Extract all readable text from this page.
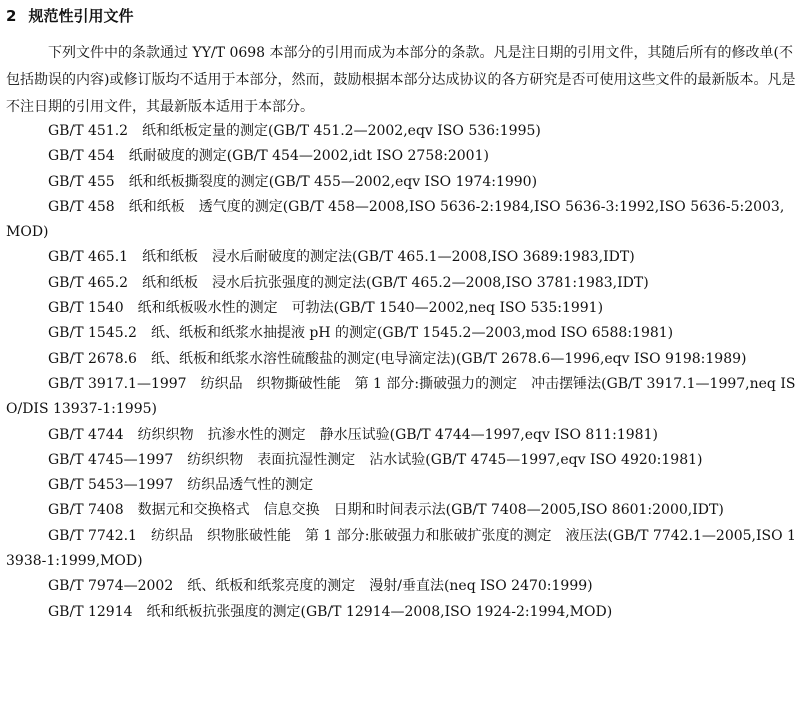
2 规范性引用文件

下列文件中的条款通过 YY/T 0698 本部分的引用而成为本部分的条款。凡是注日期的引用文件，其随后所有的修改单(不包括勘误的内容)或修订版均不适用于本部分，然而，鼓励根据本部分达成协议的各方研究是否可使用这些文件的最新版本。凡是不注日期的引用文件，其最新版本适用于本部分。

GB/T 451.2 纸和纸板定量的测定(GB/T 451.2—2002,eqv ISO 536:1995)
GB/T 454 纸耐破度的测定(GB/T 454—2002,idt ISO 2758:2001)
GB/T 455 纸和纸板撕裂度的测定(GB/T 455—2002,eqv ISO 1974:1990)
GB/T 458 纸和纸板　透气度的测定(GB/T 458—2008,ISO 5636-2:1984,ISO 5636-3:1992,ISO 5636-5:2003,MOD)
GB/T 465.1 纸和纸板　浸水后耐破度的测定法(GB/T 465.1—2008,ISO 3689:1983,IDT)
GB/T 465.2 纸和纸板　浸水后抗张强度的测定法(GB/T 465.2—2008,ISO 3781:1983,IDT)
GB/T 1540 纸和纸板吸水性的测定　可勃法(GB/T 1540—2002,neq ISO 535:1991)
GB/T 1545.2 纸、纸板和纸浆水抽提液 pH 的测定(GB/T 1545.2—2003,mod ISO 6588:1981)
GB/T 2678.6 纸、纸板和纸浆水溶性硫酸盐的测定(电导滴定法)(GB/T 2678.6—1996,eqv ISO 9198:1989)
GB/T 3917.1—1997 纺织品　织物撕破性能　第 1 部分:撕破强力的测定　冲击摆锤法(GB/T 3917.1—1997,neq ISO/DIS 13937-1:1995)
GB/T 4744 纺织织物　抗渗水性的测定　静水压试验(GB/T 4744—1997,eqv ISO 811:1981)
GB/T 4745—1997 纺织织物　表面抗湿性测定　沾水试验(GB/T 4745—1997,eqv ISO 4920:1981)
GB/T 5453—1997 纺织品透气性的测定
GB/T 7408 数据元和交换格式　信息交换　日期和时间表示法(GB/T 7408—2005,ISO 8601:2000,IDT)
GB/T 7742.1 纺织品　织物胀破性能　第 1 部分:胀破强力和胀破扩张度的测定　液压法(GB/T 7742.1—2005,ISO 13938-1:1999,MOD)
GB/T 7974—2002 纸、纸板和纸浆亮度的测定　漫射/垂直法(neq ISO 2470:1999)
GB/T 12914 纸和纸板抗张强度的测定(GB/T 12914—2008,ISO 1924-2:1994,MOD)
